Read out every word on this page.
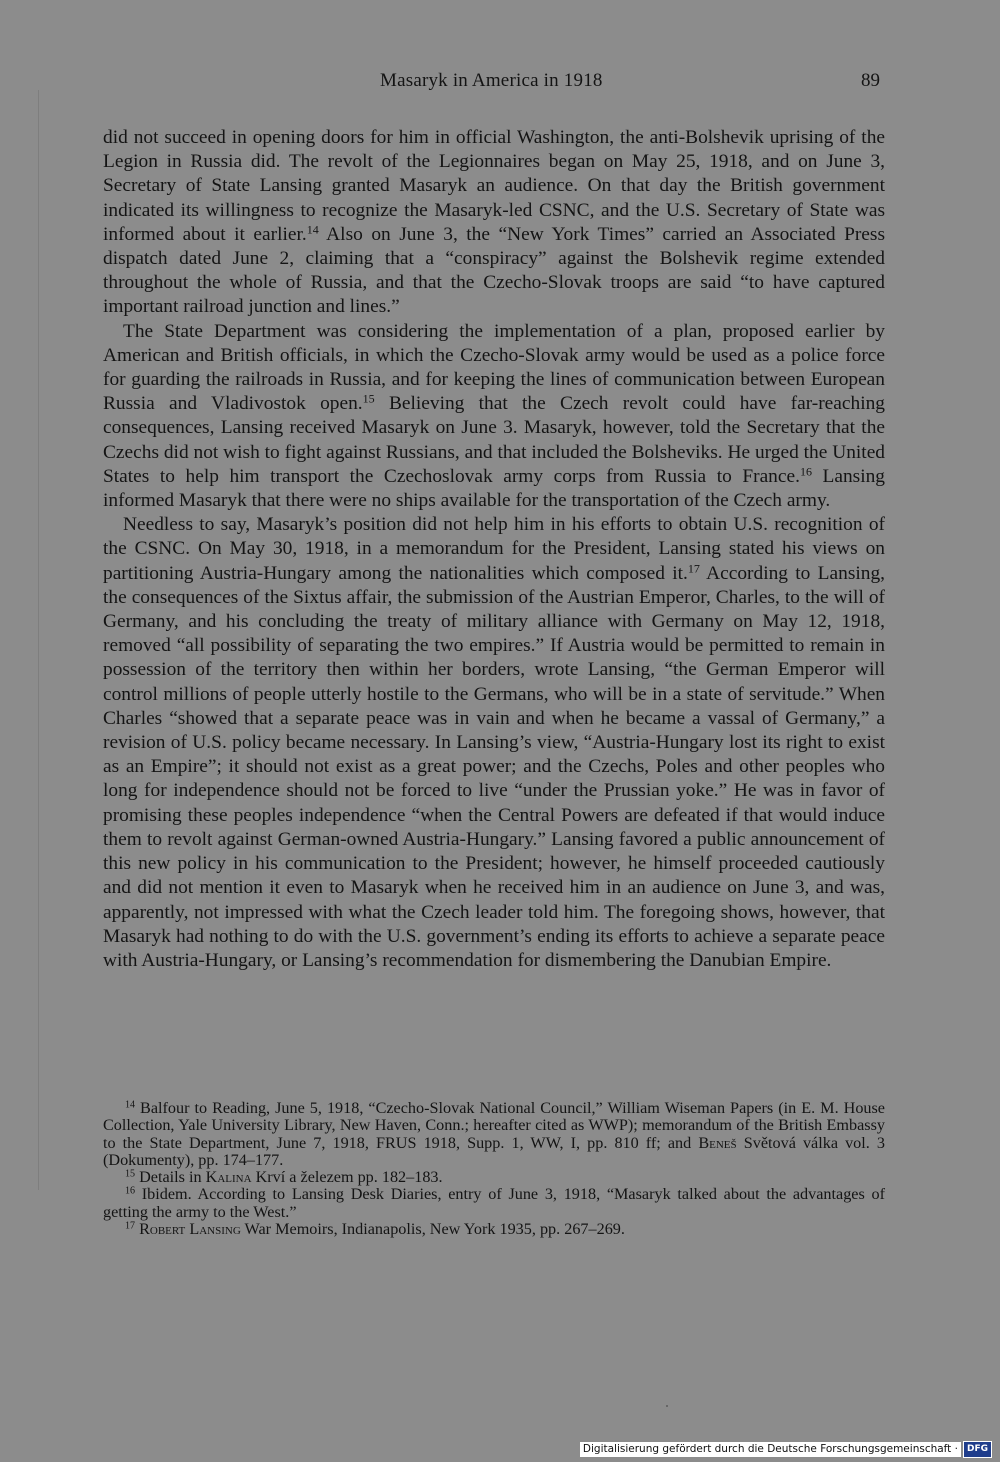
Masaryk in America in 1918	89

did not succeed in opening doors for him in official Washington, the anti-Bolshevik uprising of the Legion in Russia did. The revolt of the Legionnaires began on May 25, 1918, and on June 3, Secretary of State Lansing granted Masaryk an audience. On that day the British government indicated its willingness to recognize the Masaryk-led CSNC, and the U.S. Secretary of State was informed about it earlier.$^{14}$ Also on June 3, the “New York Times” carried an Associated Press dispatch dated June 2, claiming that a “conspiracy” against the Bolshevik regime extended throughout the whole of Russia, and that the Czecho-Slovak troops are said “to have captured important railroad junction and lines.”

The State Department was considering the implementation of a plan, proposed earlier by American and British officials, in which the Czecho-Slovak army would be used as a police force for guarding the railroads in Russia, and for keeping the lines of communication between European Russia and Vladivostok open.$^{15}$ Believing that the Czech revolt could have far-reaching consequences, Lansing received Masaryk on June 3. Masaryk, however, told the Secretary that the Czechs did not wish to fight against Russians, and that included the Bolsheviks. He urged the United States to help him transport the Czechoslovak army corps from Russia to France.$^{16}$ Lansing informed Masaryk that there were no ships available for the transportation of the Czech army.

Needless to say, Masaryk’s position did not help him in his efforts to obtain U.S. recognition of the CSNC. On May 30, 1918, in a memorandum for the President, Lansing stated his views on partitioning Austria-Hungary among the nationalities which composed it.$^{17}$ According to Lansing, the consequences of the Sixtus affair, the submission of the Austrian Emperor, Charles, to the will of Germany, and his concluding the treaty of military alliance with Germany on May 12, 1918, removed “all possibility of separating the two empires.” If Austria would be permitted to remain in possession of the territory then within her borders, wrote Lansing, “the German Emperor will control millions of people utterly hostile to the Germans, who will be in a state of servitude.” When Charles “showed that a separate peace was in vain and when he became a vassal of Germany,” a revision of U.S. policy became necessary. In Lansing’s view, “Austria-Hungary lost its right to exist as an Empire”; it should not exist as a great power; and the Czechs, Poles and other peoples who long for independence should not be forced to live “under the Prussian yoke.” He was in favor of promising these peoples independence “when the Central Powers are defeated if that would induce them to revolt against German-owned Austria-Hungary.” Lansing favored a public announcement of this new policy in his communication to the President; however, he himself proceeded cautiously and did not mention it even to Masaryk when he received him in an audience on June 3, and was, apparently, not impressed with what the Czech leader told him. The foregoing shows, however, that Masaryk had nothing to do with the U.S. government’s ending its efforts to achieve a separate peace with Austria-Hungary, or Lansing’s recommendation for dismembering the Danubian Empire.

$^{14}$ Balfour to Reading, June 5, 1918, “Czecho-Slovak National Council,” William Wiseman Papers (in E. M. House Collection, Yale University Library, New Haven, Conn.; hereafter cited as WWP); memorandum of the British Embassy to the State Department, June 7, 1918, FRUS 1918, Supp. 1, WW, I, pp. 810 ff; and Beneš Světová válka vol. 3 (Dokumenty), pp. 174–177.

$^{15}$ Details in Kalina Krví a železem pp. 182–183.

$^{16}$ Ibidem. According to Lansing Desk Diaries, entry of June 3, 1918, “Masaryk talked about the advantages of getting the army to the West.”

$^{17}$ Robert Lansing War Memoirs, Indianapolis, New York 1935, pp. 267–269.

Digitalisierung gefördert durch die Deutsche Forschungsgemeinschaft ·	DFG
